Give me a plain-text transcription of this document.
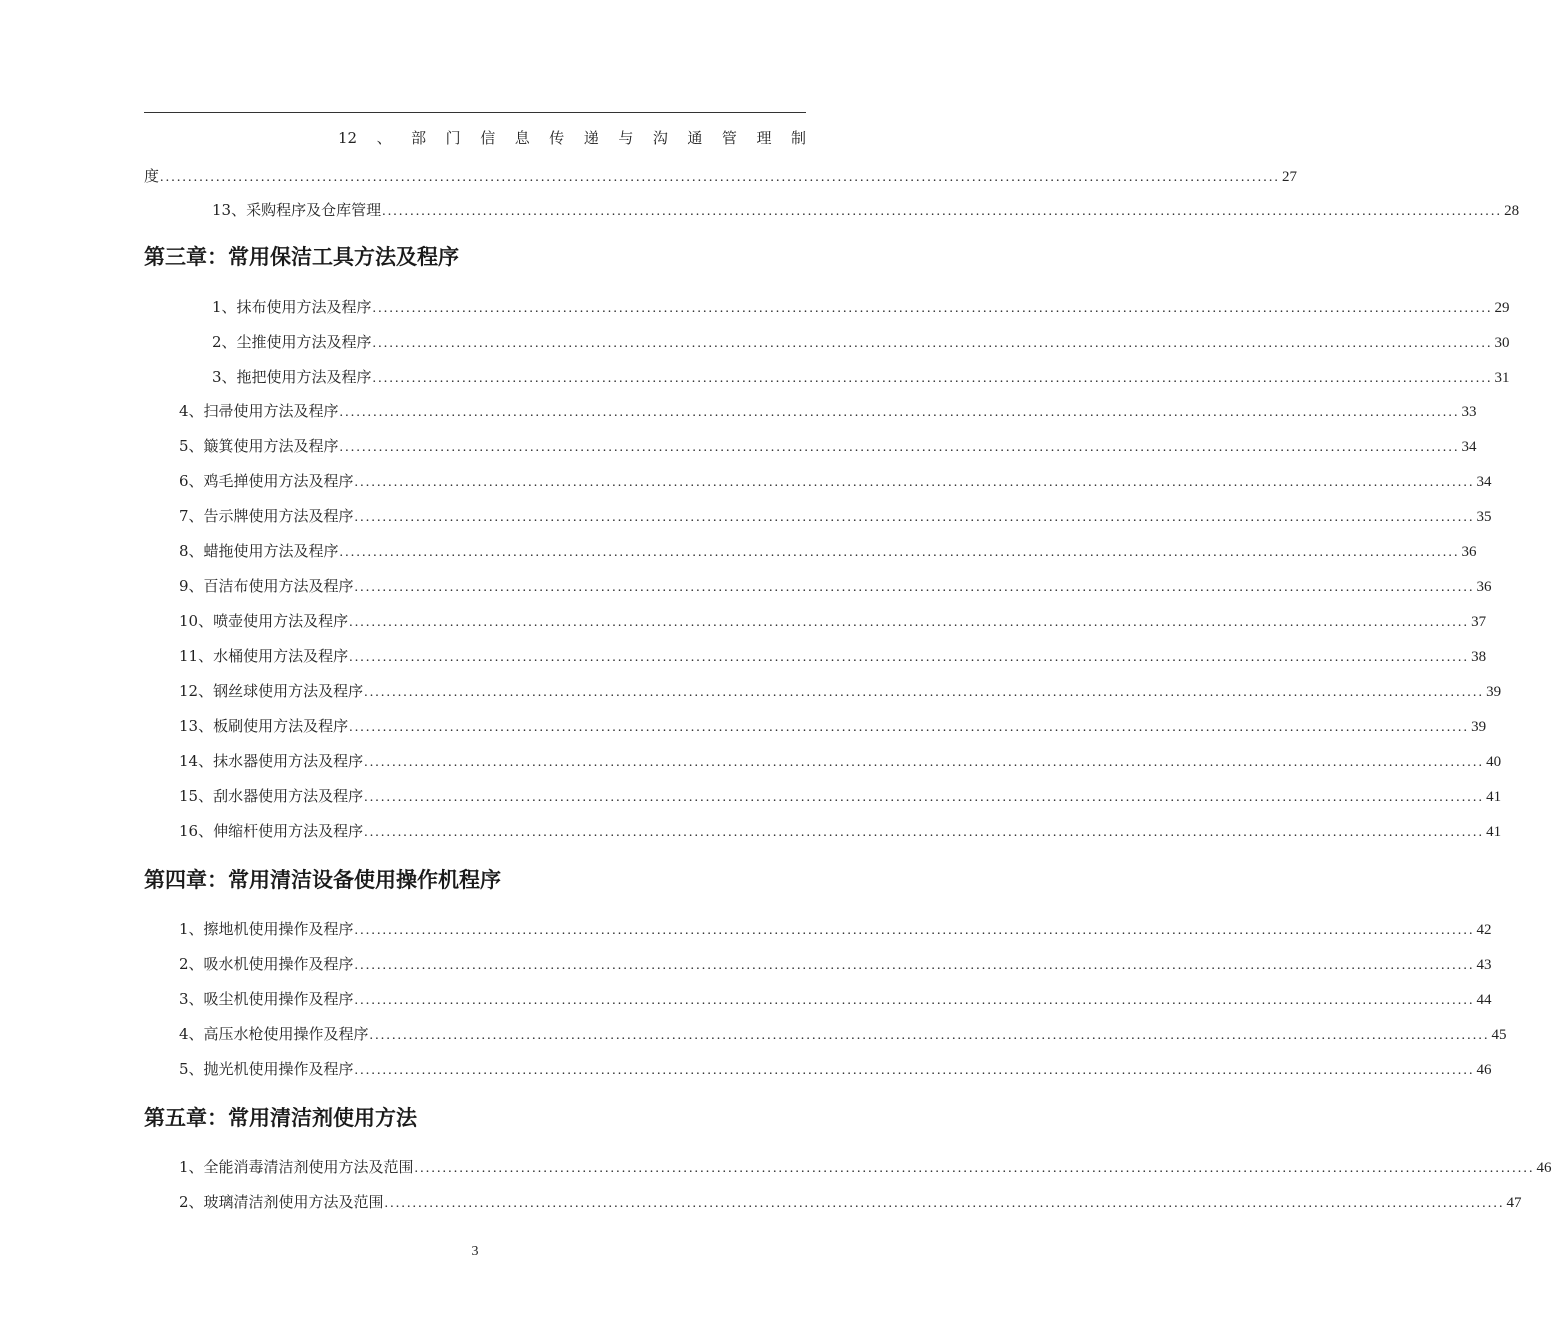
12 、 部 门 信 息 传 递 与 沟 通 管 理 制
度 ........................................................................................................................................................................................................ 27
13、采购程序及仓库管理 ........................................................................................................................................................................................................ 28
第三章：常用保洁工具方法及程序
1、抹布使用方法及程序 ........................................................................................................................................................................................................ 29
2、尘推使用方法及程序 ........................................................................................................................................................................................................ 30
3、拖把使用方法及程序 ........................................................................................................................................................................................................ 31
4、扫帚使用方法及程序 ........................................................................................................................................................................................................ 33
5、簸箕使用方法及程序 ........................................................................................................................................................................................................ 34
6、鸡毛掸使用方法及程序 ........................................................................................................................................................................................................ 34
7、告示牌使用方法及程序 ........................................................................................................................................................................................................ 35
8、蜡拖使用方法及程序 ........................................................................................................................................................................................................ 36
9、百洁布使用方法及程序 ........................................................................................................................................................................................................ 36
10、喷壶使用方法及程序 ........................................................................................................................................................................................................ 37
11、水桶使用方法及程序 ........................................................................................................................................................................................................ 38
12、钢丝球使用方法及程序 ........................................................................................................................................................................................................ 39
13、板刷使用方法及程序 ........................................................................................................................................................................................................ 39
14、抹水器使用方法及程序 ........................................................................................................................................................................................................ 40
15、刮水器使用方法及程序 ........................................................................................................................................................................................................ 41
16、伸缩杆使用方法及程序 ........................................................................................................................................................................................................ 41
第四章：常用清洁设备使用操作机程序
1、擦地机使用操作及程序 ........................................................................................................................................................................................................ 42
2、吸水机使用操作及程序 ........................................................................................................................................................................................................ 43
3、吸尘机使用操作及程序 ........................................................................................................................................................................................................ 44
4、高压水枪使用操作及程序 ........................................................................................................................................................................................................ 45
5、抛光机使用操作及程序 ........................................................................................................................................................................................................ 46
第五章：常用清洁剂使用方法
1、全能消毒清洁剂使用方法及范围 ........................................................................................................................................................................................................ 46
2、玻璃清洁剂使用方法及范围 ........................................................................................................................................................................................................ 47
3
